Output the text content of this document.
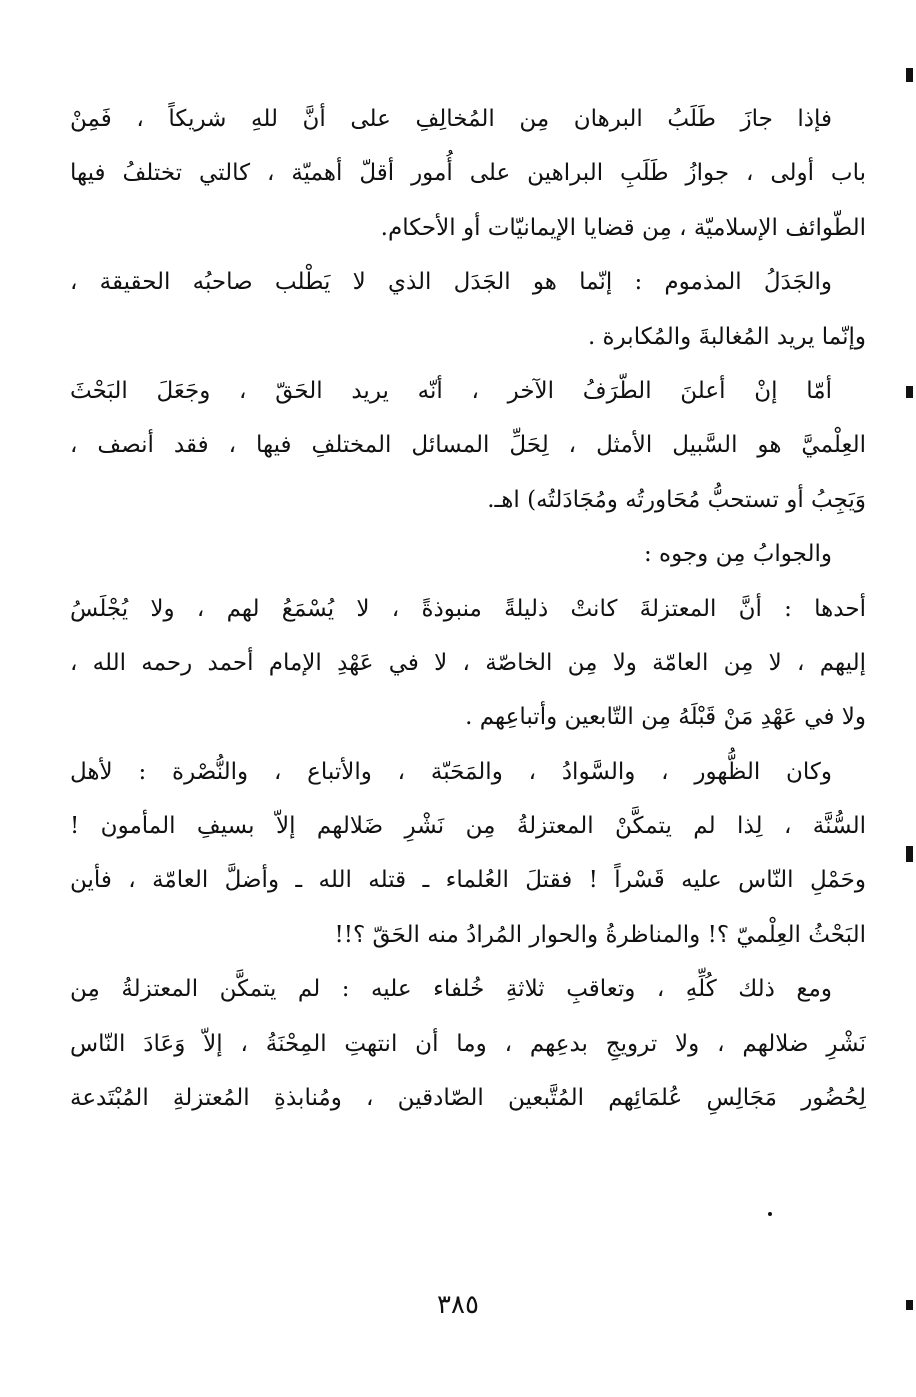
فإذا جازَ طَلَبُ البرهان مِن المُخالِفِ على أنَّ للهِ شريكاً ، فَمِنْ
باب أولى ، جوازُ طَلَبِ البراهين على أُمور أقلّ أهميّة ، كالتي تختلفُ فيها
الطّوائف الإسلاميّة ، مِن قضايا الإيمانيّات أو الأحكام.
والجَدَلُ المذموم : إنّما هو الجَدَل الذي لا يَطْلب صاحبُه الحقيقة ،
وإنّما يريد المُغالبةَ والمُكابرة .
أمّا إنْ أعلنَ الطّرَفُ الآخر ، أنّه يريد الحَقّ ، وجَعَلَ البَحْثَ
العِلْميَّ هو السَّبيل الأمثل ، لِحَلِّ المسائل المختلفِ فيها ، فقد أنصف ،
وَيَجِبُ أو تستحبُّ مُحَاورتُه ومُجَادَلتُه) اهـ.
والجوابُ مِن وجوه :
أحدها : أنَّ المعتزلةَ كانتْ ذليلةً منبوذةً ، لا يُسْمَعُ لهم ، ولا يُجْلَسُ
إليهم ، لا مِن العامّة ولا مِن الخاصّة ، لا في عَهْدِ الإمام أحمد رحمه الله ،
ولا في عَهْدِ مَنْ قَبْلَهُ مِن التّابعين وأتباعِهم .
وكان الظُّهور ، والسَّوادُ ، والمَحَبّة ، والأتباع ، والنُّصْرة : لأهل
السُّنَّة ، لِذا لم يتمكَّنْ المعتزلةُ مِن نَشْرِ ضَلالهم إلاّ بسيفِ المأمون !
وحَمْلِ النّاس عليه قَسْراً ! فقتلَ العُلماء ـ قتله الله ـ وأضلَّ العامّة ، فأين
البَحْثُ العِلْميّ ؟! والمناظرةُ والحوار المُرادُ منه الحَقّ ؟!!
ومع ذلك كُلِّهِ ، وتعاقبِ ثلاثةِ خُلفاء عليه : لم يتمكَّن المعتزلةُ مِن
نَشْرِ ضلالهم ، ولا ترويجِ بدعِهم ، وما أن انتهتِ المِحْنَةُ ، إلاّ وَعَادَ النّاس
لِحُضُور مَجَالِسِ عُلمَائِهم المُتَّبعين الصّادقين ، ومُنابذةِ المُعتزلةِ المُبْتَدعة
٣٨٥
